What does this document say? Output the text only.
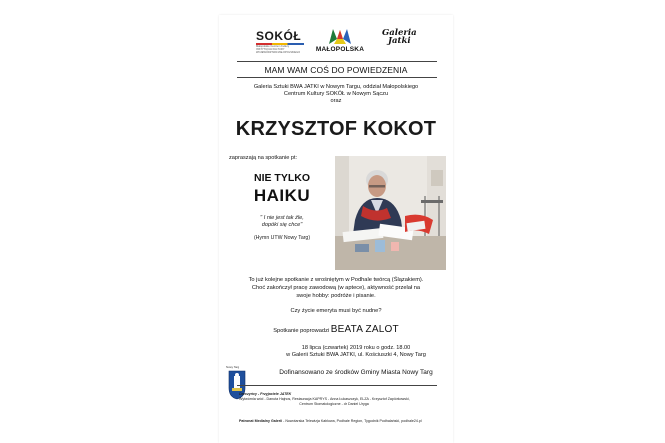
SOKÓŁ
Małopolskie Centrum Kultury
INSTYTUCJA KULTURY
WOJEWÓDZTWA MAŁOPOLSKIEGO	MAŁOPOLSKA
Galeria
Jatki
MAM WAM COŚ DO POWIEDZENIA
Galeria Sztuki BWA JATKI w Nowym Targu, oddział Małopolskiego
Centrum Kultury SOKÓŁ w Nowym Sączu
oraz
KRZYSZTOF KOKOT
zapraszają na spotkanie pt:
NIE TYLKO
HAIKU
" I nie jest tak źle,
dopóki się chce"
(Hymn UTW Nowy Targ)
To już kolejne spotkanie z wrośniętym w Podhale twórcą (Ślązakiem).
Choć zakończył pracę zawodową (w aptece), aktywność przelał na
swoje hobby: podróże i pisanie.
Czy życie emeryta musi być nudne?
Spotkanie poprowadzi BEATA ZALOT
18 lipca (czwartek) 2019 roku o godz. 18.00
w Galerii Sztuki BWA JATKI, ul. Kościuszki 4, Nowy Targ
Nowy Targ
Dofinansowano ze środków Gminy Miasta Nowy Targ
Darczyńcy - Przyjaciele JATEK
Wytwórnia wód - Danuta Hajnos, Restauracja KAPRYS - Anna Łukaszczyk, ELZA - Krzysztof Zapiórkowski,
Centrum Stomatologiczne - dr Daniel Uryga
Patronat Medialny Galerii - Nowotarska Telewizja Kablowa, Podhale Region, Tygodnik Podhalański, podhale24.pl
